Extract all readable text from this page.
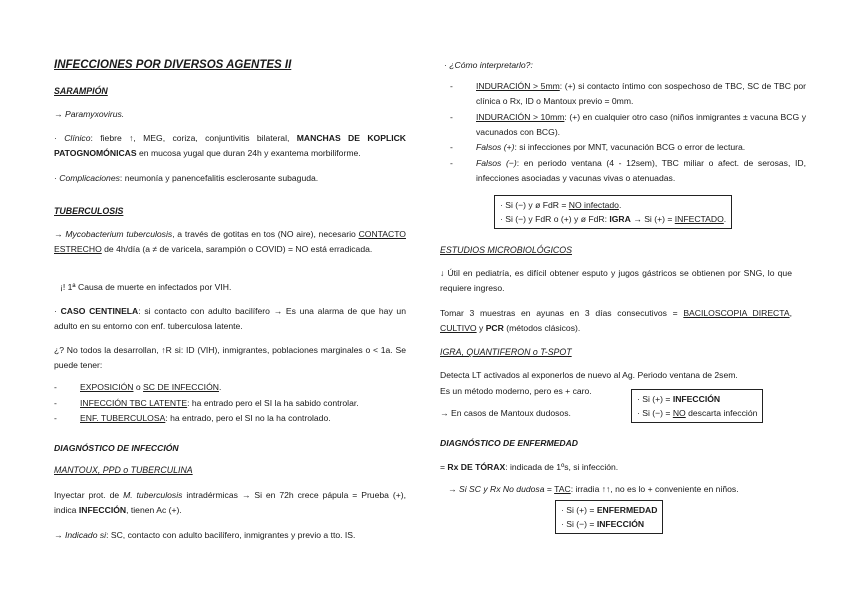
INFECCIONES POR DIVERSOS AGENTES II
SARAMPIÓN
→ Paramyxovirus.
· Clínico: fiebre ↑, MEG, coriza, conjuntivitis bilateral, MANCHAS DE KOPLICK PATOGNOMÓNICAS en mucosa yugal que duran 24h y exantema morbiliforme.
· Complicaciones: neumonía y panencefalitis esclerosante subaguda.
TUBERCULOSIS
→ Mycobacterium tuberculosis, a través de gotitas en tos (NO aire), necesario CONTACTO ESTRECHO de 4h/día (a ≠ de varicela, sarampión o COVID) = NO está erradicada.
¡! 1ª Causa de muerte en infectados por VIH.
· CASO CENTINELA: si contacto con adulto bacilífero → Es una alarma de que hay un adulto en su entorno con enf. tuberculosa latente.
¿? No todos la desarrollan, ↑R si: ID (VIH), inmigrantes, poblaciones marginales o < 1a. Se puede tener:
-	EXPOSICIÓN o SC DE INFECCIÓN.
-	INFECCIÓN TBC LATENTE: ha entrado pero el SI la ha sabido controlar.
-	ENF. TUBERCULOSA: ha entrado, pero el SI no la ha controlado.
DIAGNÓSTICO DE INFECCIÓN
MANTOUX, PPD o TUBERCULINA
Inyectar prot. de M. tuberculosis intradérmicas → Si en 72h crece pápula = Prueba (+), indica INFECCIÓN, tienen Ac (+).
→ Indicado si: SC, contacto con adulto bacilífero, inmigrantes y previo a tto. IS.
· ¿Cómo interpretarlo?:
-	INDURACIÓN > 5mm: (+) si contacto íntimo con sospechoso de TBC, SC de TBC por clínica o Rx, ID o Mantoux previo = 0mm.
-	INDURACIÓN > 10mm: (+) en cualquier otro caso (niños inmigrantes ± vacuna BCG y vacunados con BCG).
-	Falsos (+): si infecciones por MNT, vacunación BCG o error de lectura.
-	Falsos (−): en periodo ventana (4 - 12sem), TBC miliar o afect. de serosas, ID, infecciones asociadas y vacunas vivas o atenuadas.
· Si (−) y ø FdR = NO infectado.
· Si (−) y FdR o (+) y ø FdR: IGRA → Si (+) = INFECTADO.
ESTUDIOS MICROBIOLÓGICOS
↓ Útil en pediatría, es difícil obtener esputo y jugos gástricos se obtienen por SNG, lo que requiere ingreso.
Tomar 3 muestras en ayunas en 3 días consecutivos = BACILOSCOPIA DIRECTA, CULTIVO y PCR (métodos clásicos).
IGRA, QUANTIFERON o T-SPOT
Detecta LT activados al exponerlos de nuevo al Ag. Periodo ventana de 2sem.
Es un método moderno, pero es + caro.
→ En casos de Mantoux dudosos.
· Si (+) = INFECCIÓN
· Si (−) = NO descarta infección
DIAGNÓSTICO DE ENFERMEDAD
= Rx DE TÓRAX: indicada de 1ºs, si infección.
→ Si SC y Rx No dudosa = TAC: irradia ↑↑, no es lo + conveniente en niños.
· Si (+) = ENFERMEDAD
· Si (−) = INFECCIÓN
